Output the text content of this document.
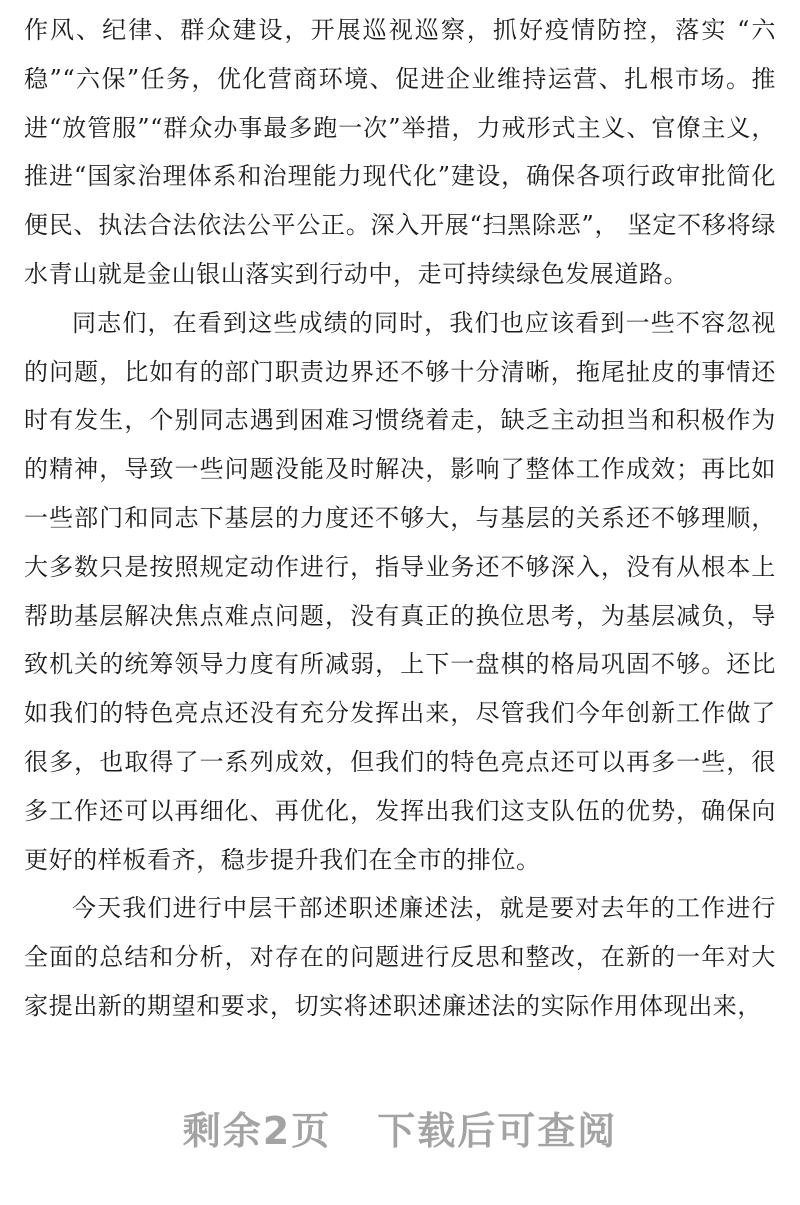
作风、纪律、群众建设，开展巡视巡察，抓好疫情防控，落实 “六稳”“六保”任务，优化营商环境、促进企业维持运营、扎根市场。推进“放管服”“群众办事最多跑一次”举措，力戒形式主义、官僚主义，推进“国家治理体系和治理能力现代化”建设，确保各项行政审批简化便民、执法合法依法公平公正。深入开展“扫黑除恶”， 坚定不移将绿水青山就是金山银山落实到行动中，走可持续绿色发展道路。

同志们，在看到这些成绩的同时，我们也应该看到一些不容忽视的问题，比如有的部门职责边界还不够十分清晰，拖尾扯皮的事情还时有发生，个别同志遇到困难习惯绕着走，缺乏主动担当和积极作为的精神，导致一些问题没能及时解决，影响了整体工作成效；再比如一些部门和同志下基层的力度还不够大，与基层的关系还不够理顺，大多数只是按照规定动作进行，指导业务还不够深入，没有从根本上帮助基层解决焦点难点问题，没有真正的换位思考，为基层减负，导致机关的统筹领导力度有所减弱，上下一盘棋的格局巩固不够。还比如我们的特色亮点还没有充分发挥出来，尽管我们今年创新工作做了很多，也取得了一系列成效，但我们的特色亮点还可以再多一些，很多工作还可以再细化、再优化，发挥出我们这支队伍的优势，确保向更好的样板看齐，稳步提升我们在全市的排位。

今天我们进行中层干部述职述廉述法，就是要对去年的工作进行全面的总结和分析，对存在的问题进行反思和整改，在新的一年对大家提出新的期望和要求，切实将述职述廉述法的实际作用体现出来，

剩余2页 下载后可查阅
